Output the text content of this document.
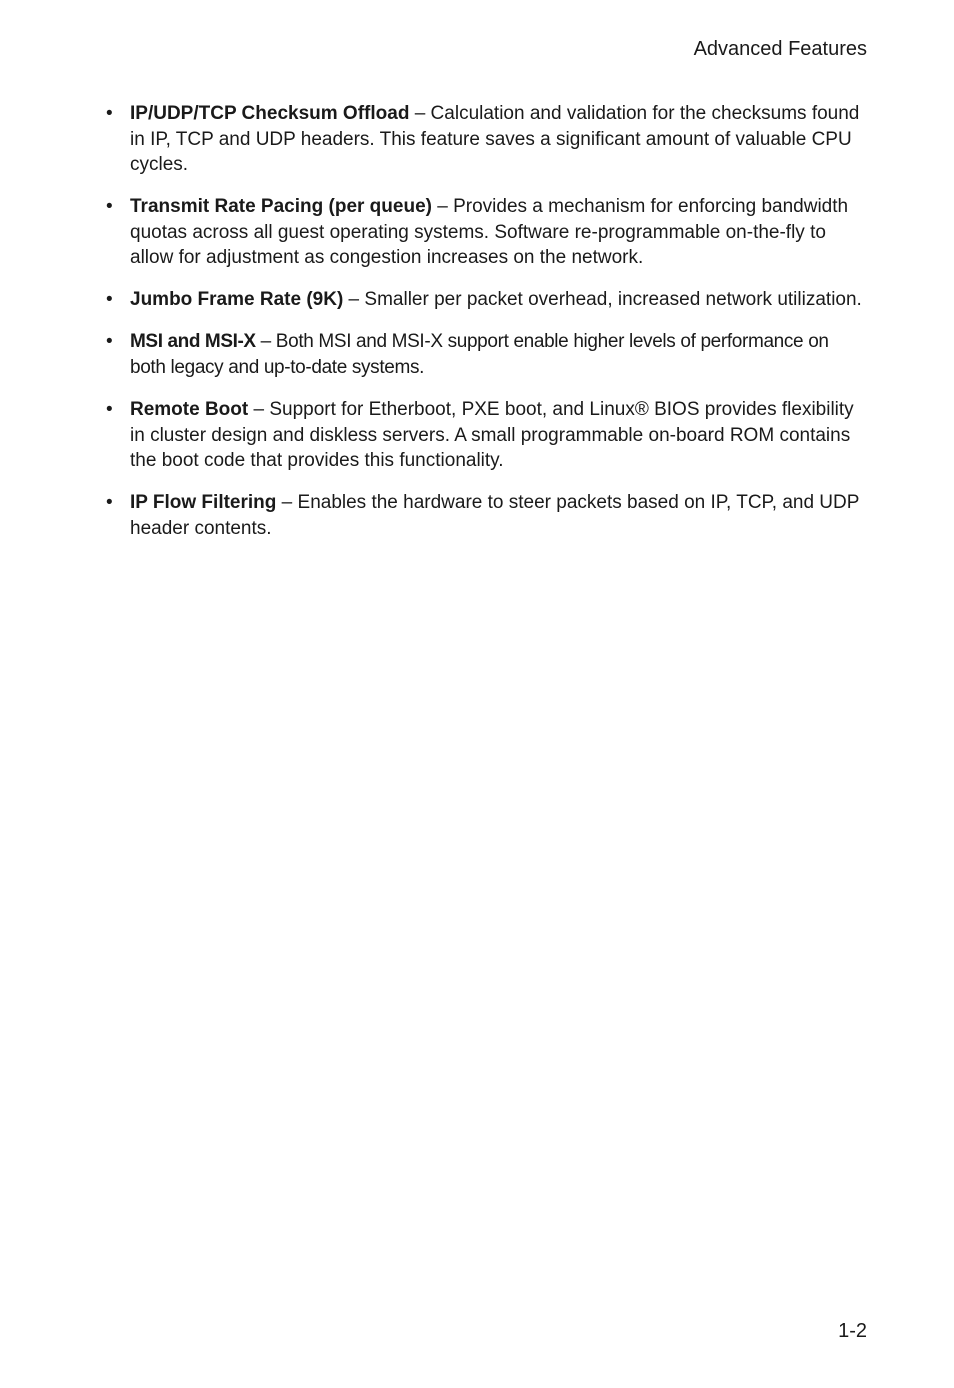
Advanced Features
• IP/UDP/TCP Checksum Offload – Calculation and validation for the checksums found in IP, TCP and UDP headers. This feature saves a significant amount of valuable CPU cycles.
• Transmit Rate Pacing (per queue) – Provides a mechanism for enforcing bandwidth quotas across all guest operating systems. Software re-programmable on-the-fly to allow for adjustment as congestion increases on the network.
• Jumbo Frame Rate (9K) – Smaller per packet overhead, increased network utilization.
• MSI and MSI-X – Both MSI and MSI-X support enable higher levels of performance on both legacy and up-to-date systems.
• Remote Boot – Support for Etherboot, PXE boot, and Linux® BIOS provides flexibility in cluster design and diskless servers. A small programmable on-board ROM contains the boot code that provides this functionality.
• IP Flow Filtering – Enables the hardware to steer packets based on IP, TCP, and UDP header contents.
1-2
